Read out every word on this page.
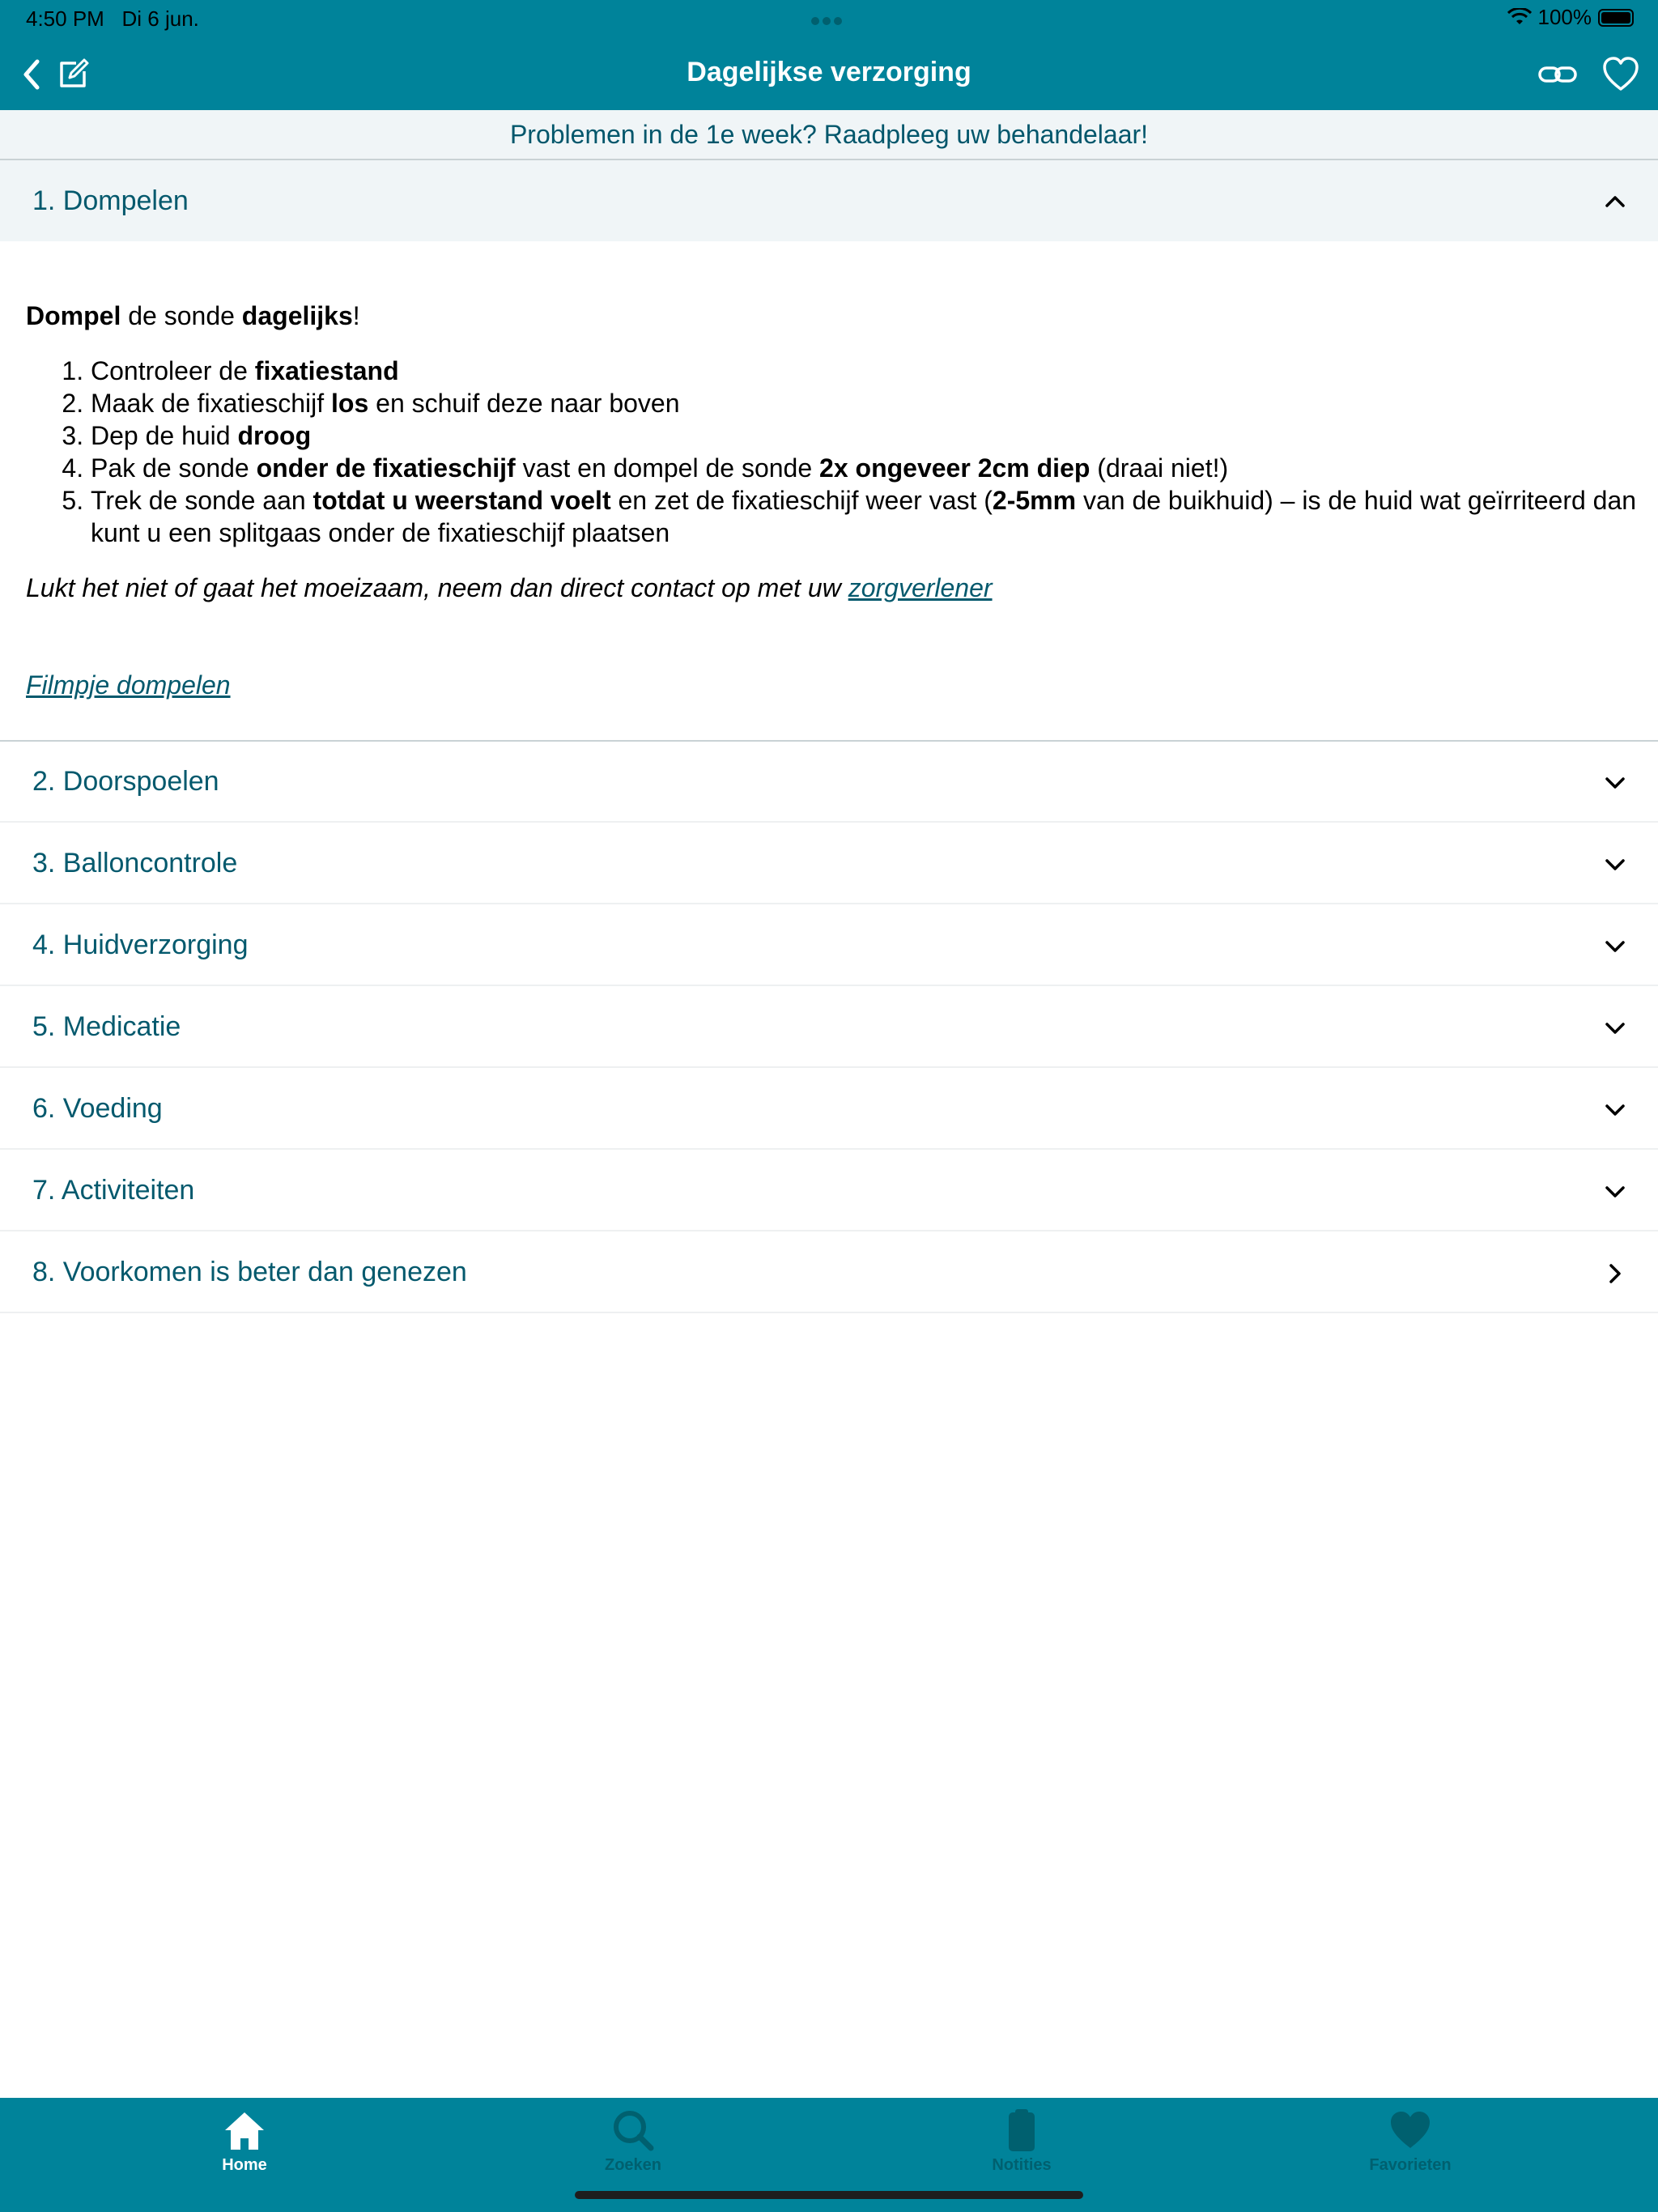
4:50 PM Di 6 jun.	100%
Dagelijkse verzorging
Problemen in de 1e week? Raadpleeg uw behandelaar!
1. Dompelen

Dompel de sonde dagelijks!

1. Controleer de fixatiestand
2. Maak de fixatieschijf los en schuif deze naar boven
3. Dep de huid droog
4. Pak de sonde onder de fixatieschijf vast en dompel de sonde 2x ongeveer 2cm diep (draai niet!)
5. Trek de sonde aan totdat u weerstand voelt en zet de fixatieschijf weer vast (2-5mm van de buikhuid) – is de huid wat geïrriteerd dan kunt u een splitgaas onder de fixatieschijf plaatsen

Lukt het niet of gaat het moeizaam, neem dan direct contact op met uw zorgverlener

Filmpje dompelen

2. Doorspoelen
3. Balloncontrole
4. Huidverzorging
5. Medicatie
6. Voeding
7. Activiteiten
8. Voorkomen is beter dan genezen
Home	Zoeken	Notities	Favorieten
